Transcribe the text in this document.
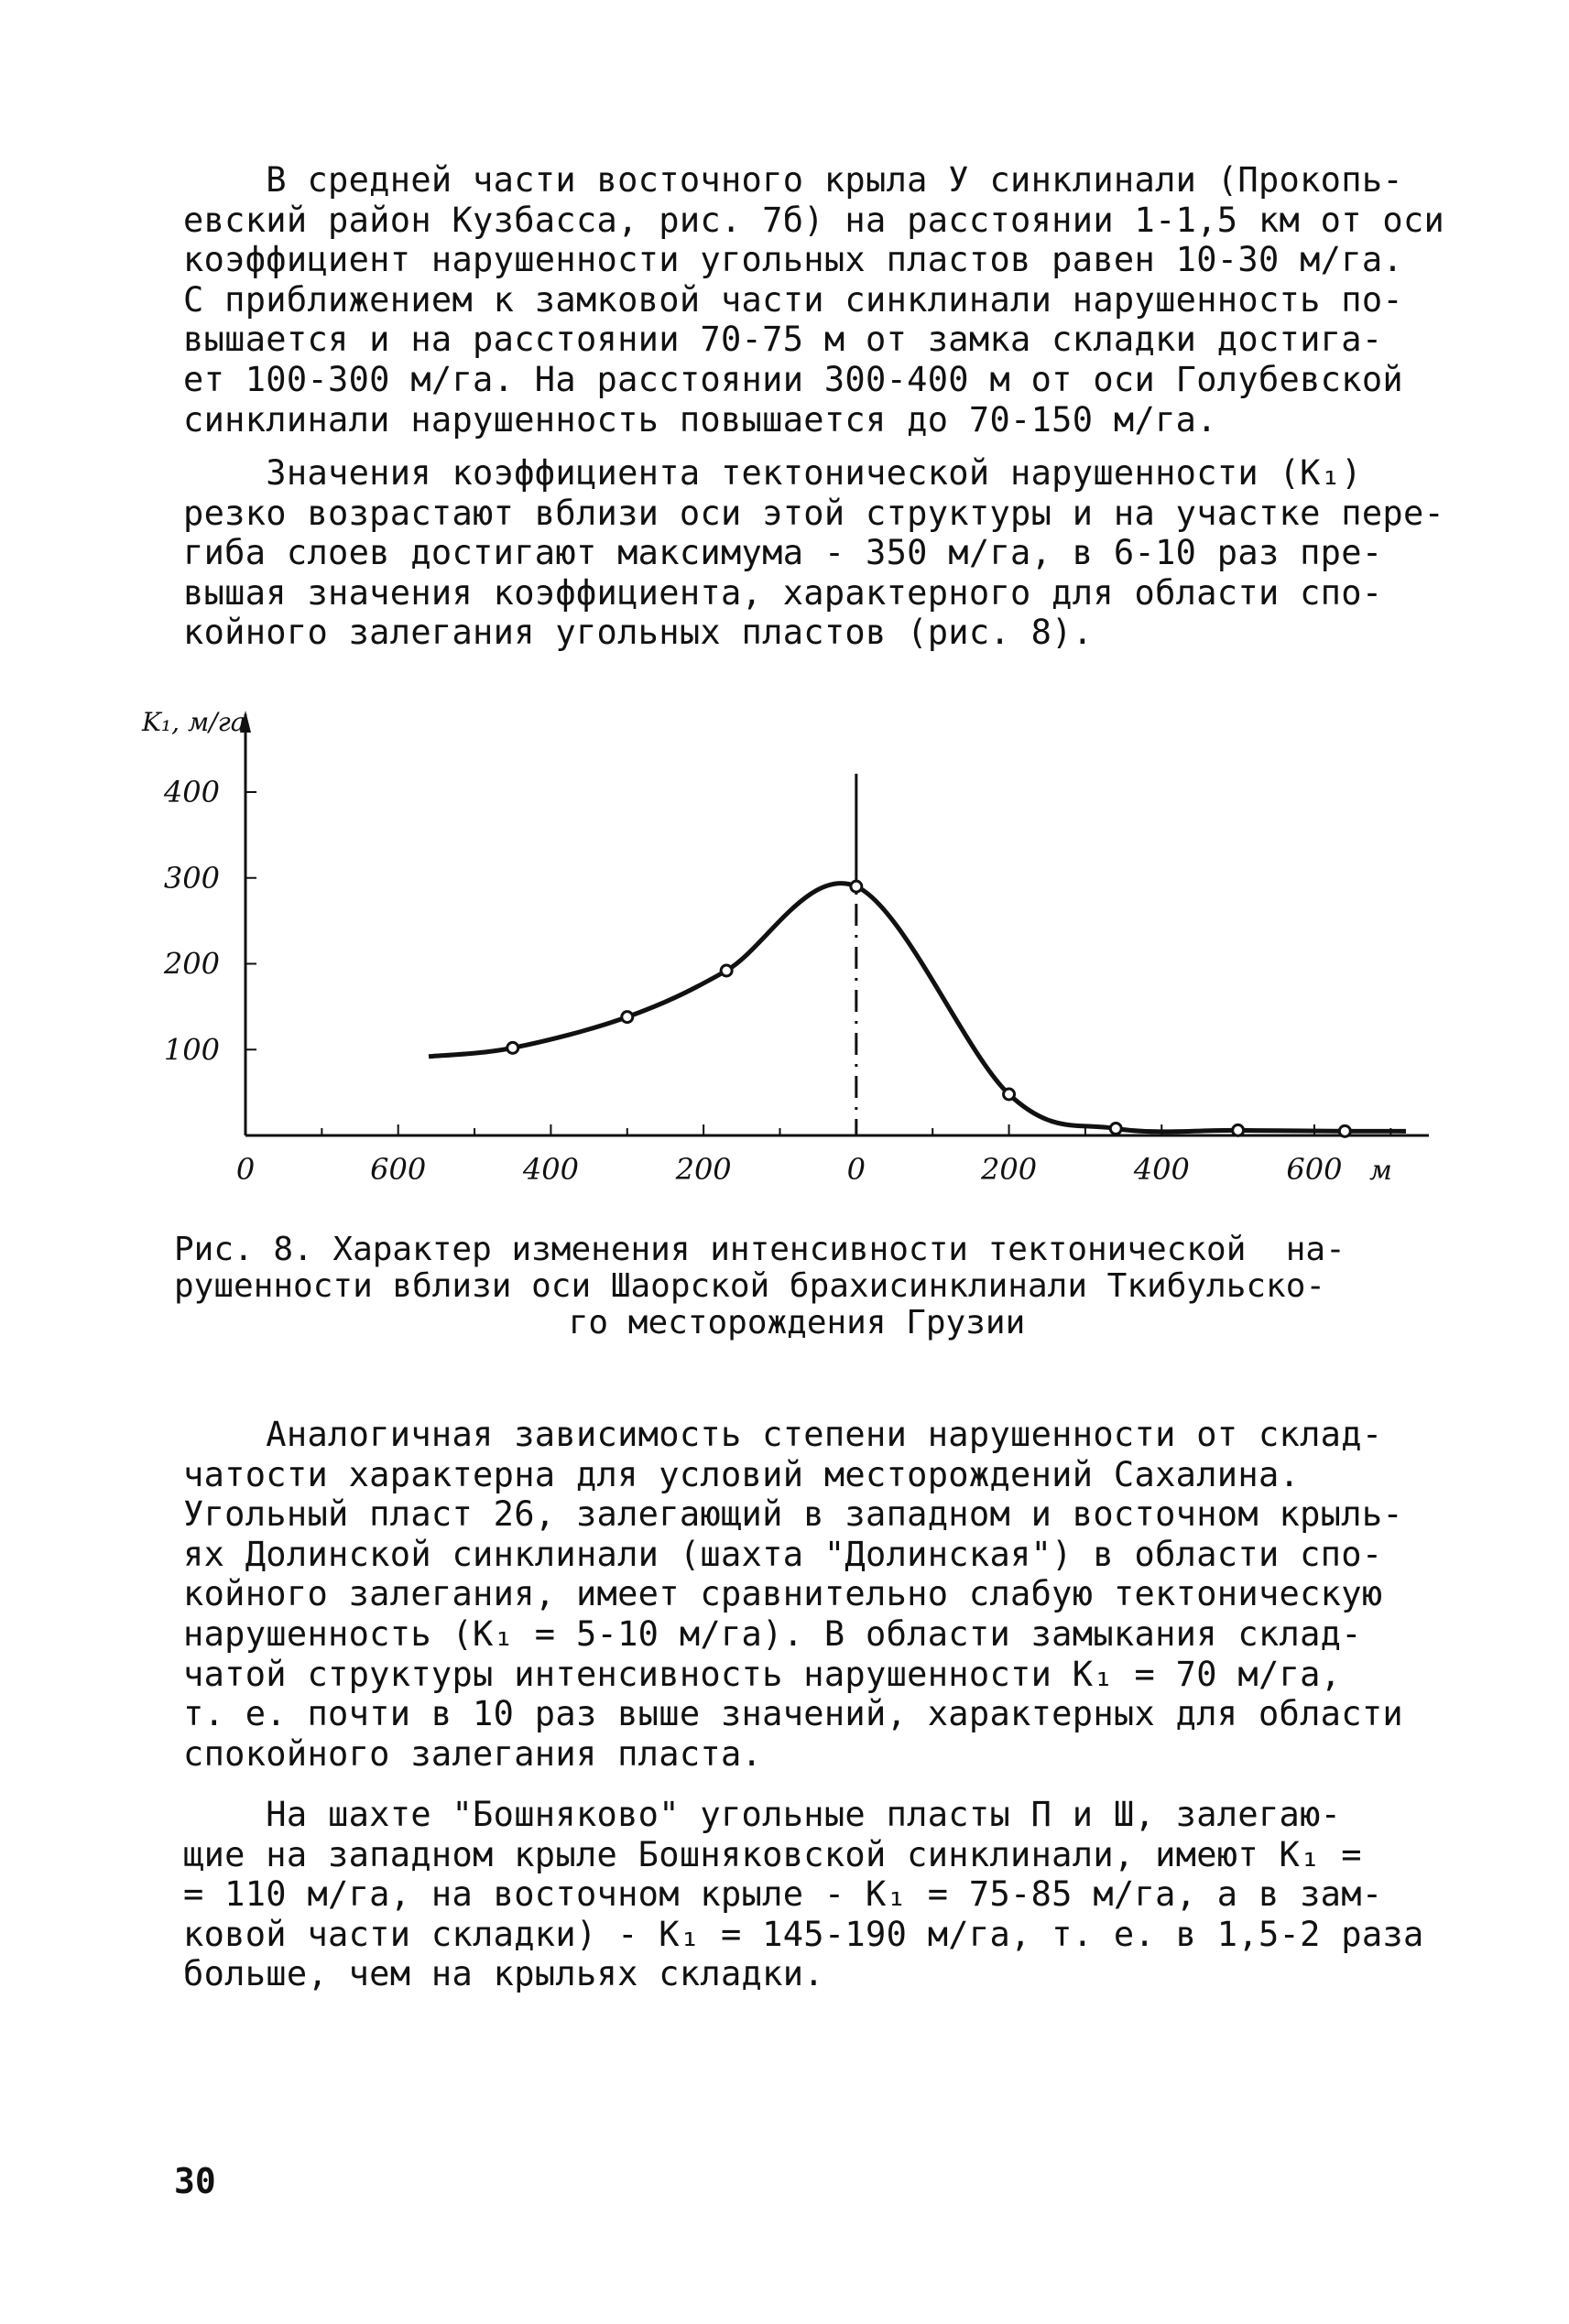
В средней части восточного крыла У синклинали (Прокопь-
евский район Кузбасса, рис. 7б) на расстоянии 1-1,5 км от оси
коэффициент нарушенности угольных пластов равен 10-30 м/га.
С приближением к замковой части синклинали нарушенность по-
вышается и на расстоянии 70-75 м от замка складки достига-
ет 100-300 м/га. На расстоянии 300-400 м от оси Голубевской
синклинали нарушенность повышается до 70-150 м/га.
Значения коэффициента тектонической нарушенности (K₁)
резко возрастают вблизи оси этой структуры и на участке пере-
гиба слоев достигают максимума - 350 м/га, в 6-10 раз пре-
вышая значения коэффициента, характерного для области спо-
койного залегания угольных пластов (рис. 8).
K₁, м/га
100
200
300
400
0	600	400	200	0	200	400	600 м
Рис. 8. Характер изменения интенсивности тектонической  на-
рушенности вблизи оси Шаорской брахисинклинали Ткибульско-
го месторождения Грузии
Аналогичная зависимость степени нарушенности от склад-
чатости характерна для условий месторождений Сахалина.
Угольный пласт 26, залегающий в западном и восточном крыль-
ях Долинской синклинали (шахта "Долинская") в области спо-
койного залегания, имеет сравнительно слабую тектоническую
нарушенность (K₁ = 5-10 м/га). В области замыкания склад-
чатой структуры интенсивность нарушенности K₁ = 70 м/га,
т. е. почти в 10 раз выше значений, характерных для области
спокойного залегания пласта.
На шахте "Бошняково" угольные пласты П и Ш, залегаю-
щие на западном крыле Бошняковской синклинали, имеют K₁ =
= 110 м/га, на восточном крыле - K₁ = 75-85 м/га, а в зам-
ковой части складки) - K₁ = 145-190 м/га, т. е. в 1,5-2 раза
больше, чем на крыльях складки.
30
